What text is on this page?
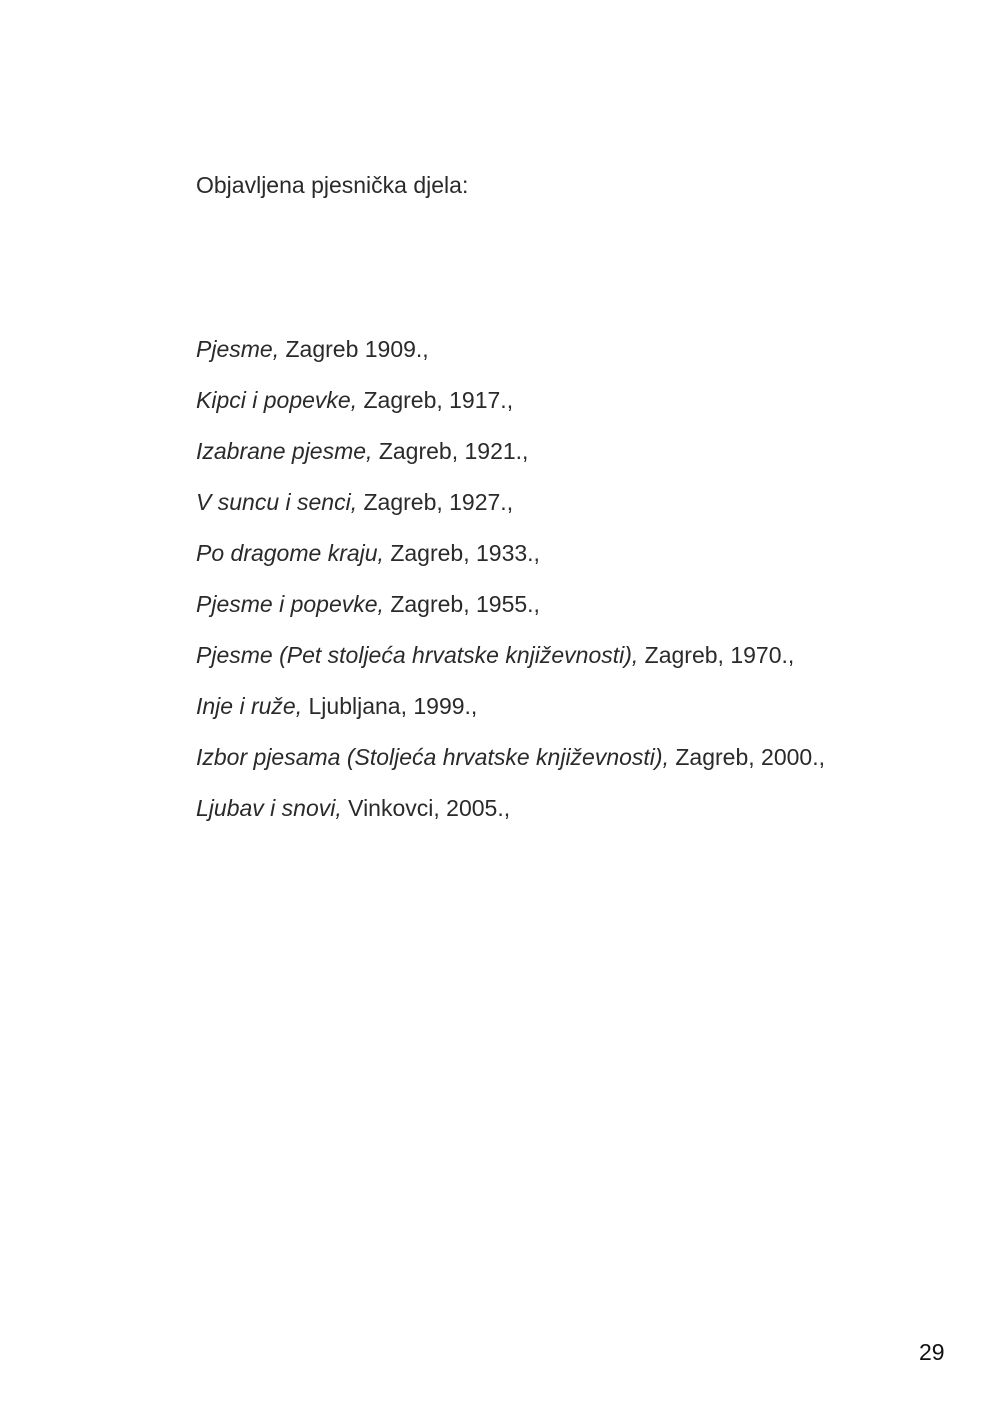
Objavljena pjesnička djela:
Pjesme, Zagreb 1909.,
Kipci i popevke, Zagreb, 1917.,
Izabrane pjesme, Zagreb, 1921.,
V suncu i senci, Zagreb, 1927.,
Po dragome kraju, Zagreb, 1933.,
Pjesme i popevke, Zagreb, 1955.,
Pjesme (Pet stoljeća hrvatske književnosti), Zagreb, 1970.,
Inje i ruže, Ljubljana, 1999.,
Izbor pjesama (Stoljeća hrvatske književnosti), Zagreb, 2000.,
Ljubav i snovi, Vinkovci, 2005.,
29
